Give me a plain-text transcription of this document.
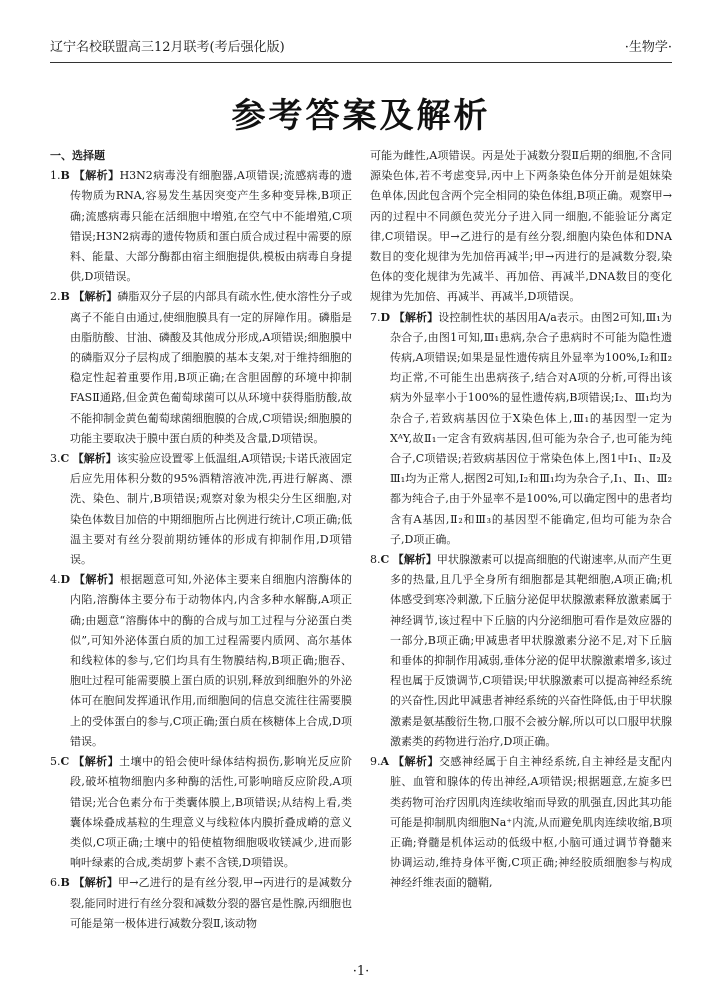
辽宁名校联盟高三12月联考(考后强化版)	·生物学·
参考答案及解析

一、选择题

1.B 【解析】H3N2病毒没有细胞器,A项错误;流感病毒的遗传物质为RNA,容易发生基因突变产生多种变异株,B项正确;流感病毒只能在活细胞中增殖,在空气中不能增殖,C项错误;H3N2病毒的遗传物质和蛋白质合成过程中需要的原料、能量、大部分酶都由宿主细胞提供,模板由病毒自身提供,D项错误。

2.B 【解析】磷脂双分子层的内部具有疏水性,使水溶性分子或离子不能自由通过,使细胞膜具有一定的屏障作用。磷脂是由脂肪酸、甘油、磷酸及其他成分形成,A项错误;细胞膜中的磷脂双分子层构成了细胞膜的基本支架,对于维持细胞的稳定性起着重要作用,B项正确;在含胆固醇的环境中抑制FASⅡ通路,但金黄色葡萄球菌可以从环境中获得脂肪酸,故不能抑制金黄色葡萄球菌细胞膜的合成,C项错误;细胞膜的功能主要取决于膜中蛋白质的种类及含量,D项错误。

3.C 【解析】该实验应设置零上低温组,A项错误;卡诺氏液固定后应先用体积分数的95%酒精溶液冲洗,再进行解离、漂洗、染色、制片,B项错误;观察对象为根尖分生区细胞,对染色体数目加倍的中期细胞所占比例进行统计,C项正确;低温主要对有丝分裂前期纺锤体的形成有抑制作用,D项错误。

4.D 【解析】根据题意可知,外泌体主要来自细胞内溶酶体的内陷,溶酶体主要分布于动物体内,内含多种水解酶,A项正确;由题意“溶酶体中的酶的合成与加工过程与分泌蛋白类似”,可知外泌体蛋白质的加工过程需要内质网、高尔基体和线粒体的参与,它们均具有生物膜结构,B项正确;胞吞、胞吐过程可能需要膜上蛋白质的识别,释放到细胞外的外泌体可在胞间发挥通讯作用,而细胞间的信息交流往往需要膜上的受体蛋白的参与,C项正确;蛋白质在核糖体上合成,D项错误。

5.C 【解析】土壤中的铅会使叶绿体结构损伤,影响光反应阶段,破坏植物细胞内多种酶的活性,可影响暗反应阶段,A项错误;光合色素分布于类囊体膜上,B项错误;从结构上看,类囊体垛叠成基粒的生理意义与线粒体内膜折叠成嵴的意义类似,C项正确;土壤中的铅使植物细胞吸收镁减少,进而影响叶绿素的合成,类胡萝卜素不含镁,D项错误。

6.B 【解析】甲→乙进行的是有丝分裂,甲→丙进行的是减数分裂,能同时进行有丝分裂和减数分裂的器官是性腺,丙细胞也可能是第一极体进行减数分裂Ⅱ,该动物

可能为雌性,A项错误。丙是处于减数分裂Ⅱ后期的细胞,不含同源染色体,若不考虑变异,丙中上下两条染色体分开前是姐妹染色单体,因此包含两个完全相同的染色体组,B项正确。观察甲→丙的过程中不同颜色荧光分子进入同一细胞,不能验证分离定律,C项错误。甲→乙进行的是有丝分裂,细胞内染色体和DNA数目的变化规律为先加倍再减半;甲→丙进行的是减数分裂,染色体的变化规律为先减半、再加倍、再减半,DNA数目的变化规律为先加倍、再减半、再减半,D项错误。

7.D 【解析】设控制性状的基因用A/a表示。由图2可知,Ⅲ₁为杂合子,由图1可知,Ⅲ₁患病,杂合子患病时不可能为隐性遗传病,A项错误;如果是显性遗传病且外显率为100%,Ⅰ₂和Ⅱ₂均正常,不可能生出患病孩子,结合对A项的分析,可得出该病为外显率小于100%的显性遗传病,B项错误;Ⅰ₂、Ⅲ₁均为杂合子,若致病基因位于X染色体上,Ⅲ₁的基因型一定为XᴬY,故Ⅱ₁一定含有致病基因,但可能为杂合子,也可能为纯合子,C项错误;若致病基因位于常染色体上,图1中Ⅰ₁、Ⅱ₂及Ⅲ₁均为正常人,据图2可知,Ⅰ₂和Ⅲ₁均为杂合子,Ⅰ₁、Ⅱ₁、Ⅲ₂都为纯合子,由于外显率不是100%,可以确定图中的患者均含有A基因,Ⅱ₂和Ⅲ₃的基因型不能确定,但均可能为杂合子,D项正确。

8.C 【解析】甲状腺激素可以提高细胞的代谢速率,从而产生更多的热量,且几乎全身所有细胞都是其靶细胞,A项正确;机体感受到寒冷刺激,下丘脑分泌促甲状腺激素释放激素属于神经调节,该过程中下丘脑的内分泌细胞可看作是效应器的一部分,B项正确;甲减患者甲状腺激素分泌不足,对下丘脑和垂体的抑制作用减弱,垂体分泌的促甲状腺激素增多,该过程也属于反馈调节,C项错误;甲状腺激素可以提高神经系统的兴奋性,因此甲减患者神经系统的兴奋性降低,由于甲状腺激素是氨基酸衍生物,口服不会被分解,所以可以口服甲状腺激素类的药物进行治疗,D项正确。

9.A 【解析】交感神经属于自主神经系统,自主神经是支配内脏、血管和腺体的传出神经,A项错误;根据题意,左旋多巴类药物可治疗因肌肉连续收缩而导致的肌强直,因此其功能可能是抑制肌肉细胞Na⁺内流,从而避免肌肉连续收缩,B项正确;脊髓是机体运动的低级中枢,小脑可通过调节脊髓来协调运动,维持身体平衡,C项正确;神经胶质细胞参与构成神经纤维表面的髓鞘,

·1·
